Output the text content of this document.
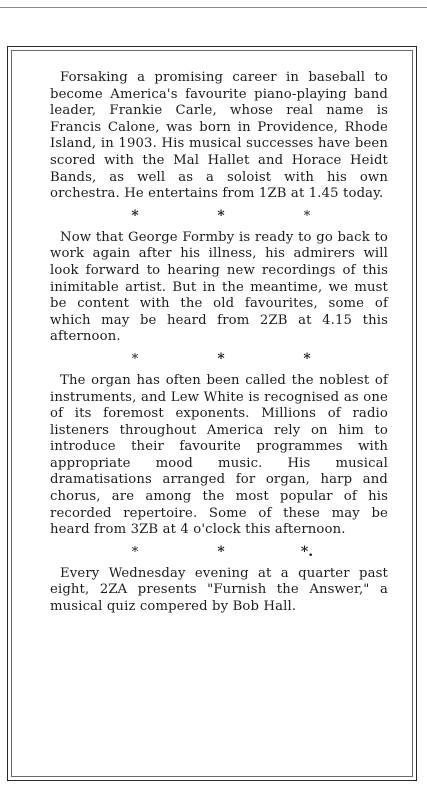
Forsaking a promising career in baseball to become America's favourite piano-playing band leader, Frankie Carle, whose real name is Francis Calone, was born in Providence, Rhode Island, in 1903. His musical successes have been scored with the Mal Hallet and Horace Heidt Bands, as well as a soloist with his own orchestra. He entertains from 1ZB at 1.45 today.

*	*	*

Now that George Formby is ready to go back to work again after his illness, his admirers will look forward to hearing new recordings of this inimitable artist. But in the meantime, we must be content with the old favourites, some of which may be heard from 2ZB at 4.15 this afternoon.

*	*	*

The organ has often been called the noblest of instruments, and Lew White is recognised as one of its foremost exponents. Millions of radio listeners throughout America rely on him to introduce their favourite programmes with appropriate mood music. His musical dramatisations arranged for organ, harp and chorus, are among the most popular of his recorded repertoire. Some of these may be heard from 3ZB at 4 o'clock this afternoon.

*	*	*.

Every Wednesday evening at a quarter past eight, 2ZA presents "Furnish the Answer," a musical quiz compered by Bob Hall.
